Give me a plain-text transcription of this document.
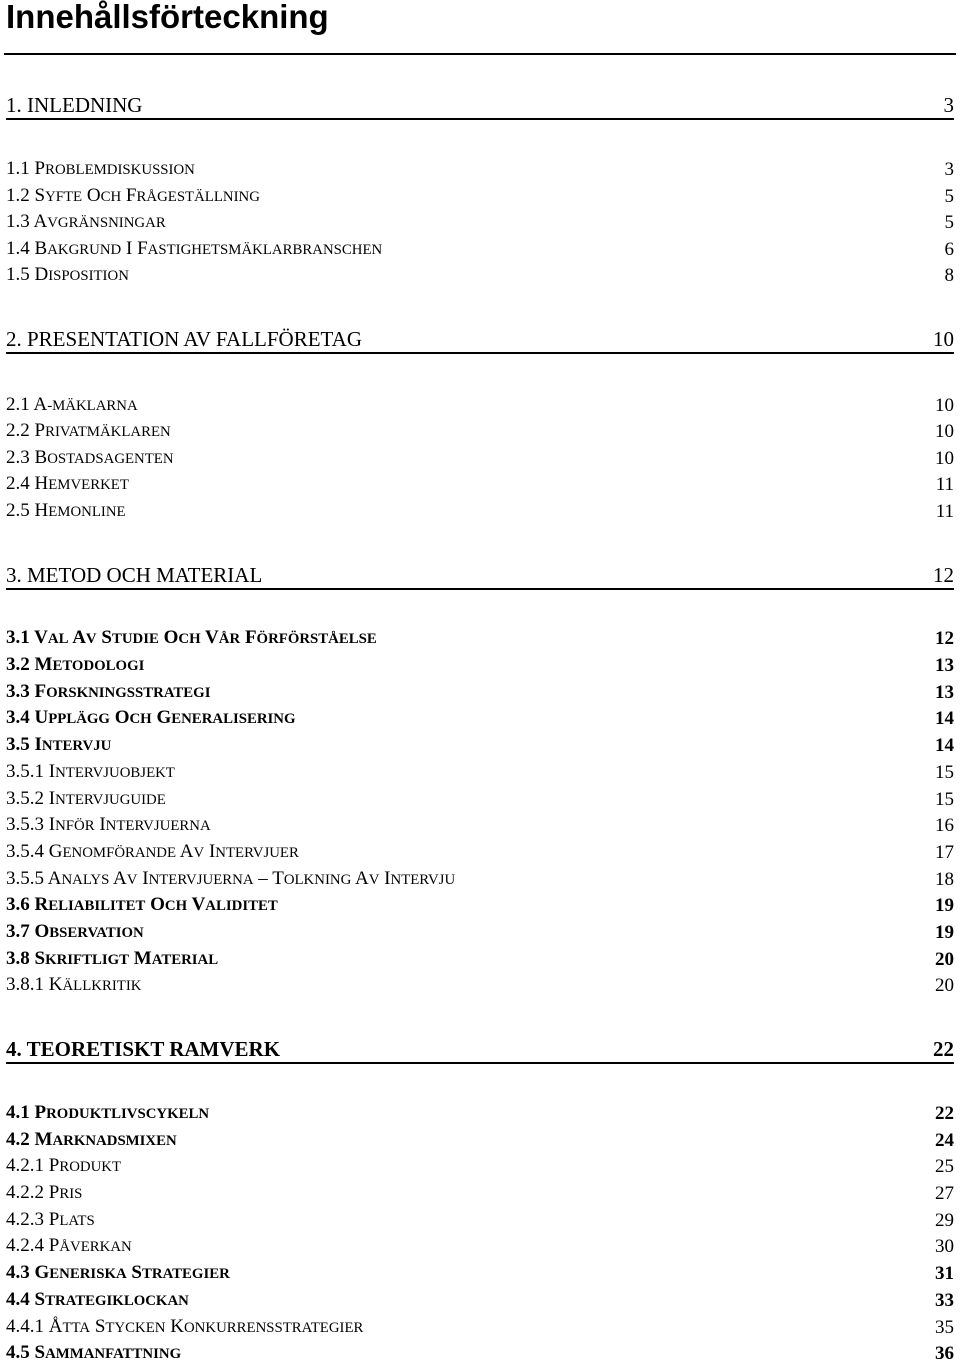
Innehållsförteckning
1. INLEDNING	3
1.1 PROBLEMDISKUSSION	3
1.2 SYFTE OCH FRÅGESTÄLLNING	5
1.3 AVGRÄNSNINGAR	5
1.4 BAKGRUND I FASTIGHETSMÄKLARBRANSCHEN	6
1.5 DISPOSITION	8
2. PRESENTATION AV FALLFÖRETAG	10
2.1 A-MÄKLARNA	10
2.2 PRIVATMÄKLAREN	10
2.3 BOSTADSAGENTEN	10
2.4 HEMVERKET	11
2.5 HEMONLINE	11
3. METOD OCH MATERIAL	12
3.1 VAL AV STUDIE OCH VÅR FÖRFÖRSTÅELSE	12
3.2 METODOLOGI	13
3.3 FORSKNINGSSTRATEGI	13
3.4 UPPLÄGG OCH GENERALISERING	14
3.5 INTERVJU	14
3.5.1 INTERVJUOBJEKT	15
3.5.2 INTERVJUGUIDE	15
3.5.3 INFÖR INTERVJUERNA	16
3.5.4 GENOMFÖRANDE AV INTERVJUER	17
3.5.5 ANALYS AV INTERVJUERNA – TOLKNING AV INTERVJU	18
3.6 RELIABILITET OCH VALIDITET	19
3.7 OBSERVATION	19
3.8 SKRIFTLIGT MATERIAL	20
3.8.1 KÄLLKRITIK	20
4. TEORETISKT RAMVERK	22
4.1 PRODUKTLIVSCYKELN	22
4.2 MARKNADSMIXEN	24
4.2.1 PRODUKT	25
4.2.2 PRIS	27
4.2.3 PLATS	29
4.2.4 PÅVERKAN	30
4.3 GENERISKA STRATEGIER	31
4.4 STRATEGIKLOCKAN	33
4.4.1 ÅTTA STYCKEN KONKURRENSSTRATEGIER	35
4.5 SAMMANFATTNING	36
